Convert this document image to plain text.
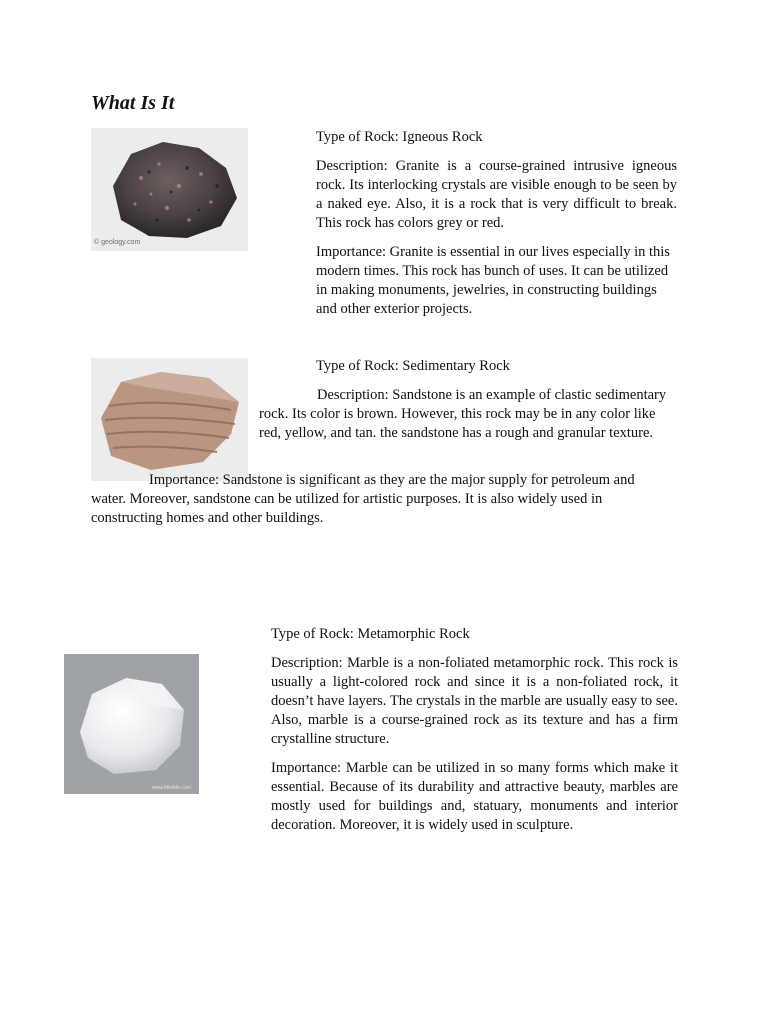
What Is It
© geology.com

Type of Rock: Igneous Rock

Description: Granite is a course-grained intrusive igneous rock. Its interlocking crystals are visible enough to be seen by a naked eye. Also, it is a rock that is very difficult to break. This rock has colors grey or red.

Importance: Granite is essential in our lives especially in this modern times. This rock has bunch of uses. It can be utilized in making monuments, jewelries, in constructing buildings and other exterior projects.

Type of Rock: Sedimentary Rock
Description: Sandstone is an example of clastic sedimentary rock. Its color is brown. However, this rock may be in any color like red, yellow, and tan. the sandstone has a rough and granular texture.
Importance: Sandstone is significant as they are the major supply for petroleum and water. Moreover, sandstone can be utilized for artistic purposes. It is also widely used in constructing homes and other buildings.
www.MiniMe.com

Type of Rock: Metamorphic Rock

Description: Marble is a non-foliated metamorphic rock. This rock is usually a light-colored rock and since it is a non-foliated rock, it doesn’t have layers. The crystals in the marble are usually easy to see. Also, marble is a course-grained rock as its texture and has a firm crystalline structure.

Importance: Marble can be utilized in so many forms which make it essential. Because of its durability and attractive beauty, marbles are mostly used for buildings and, statuary, monuments and interior decoration. Moreover, it is widely used in sculpture.
